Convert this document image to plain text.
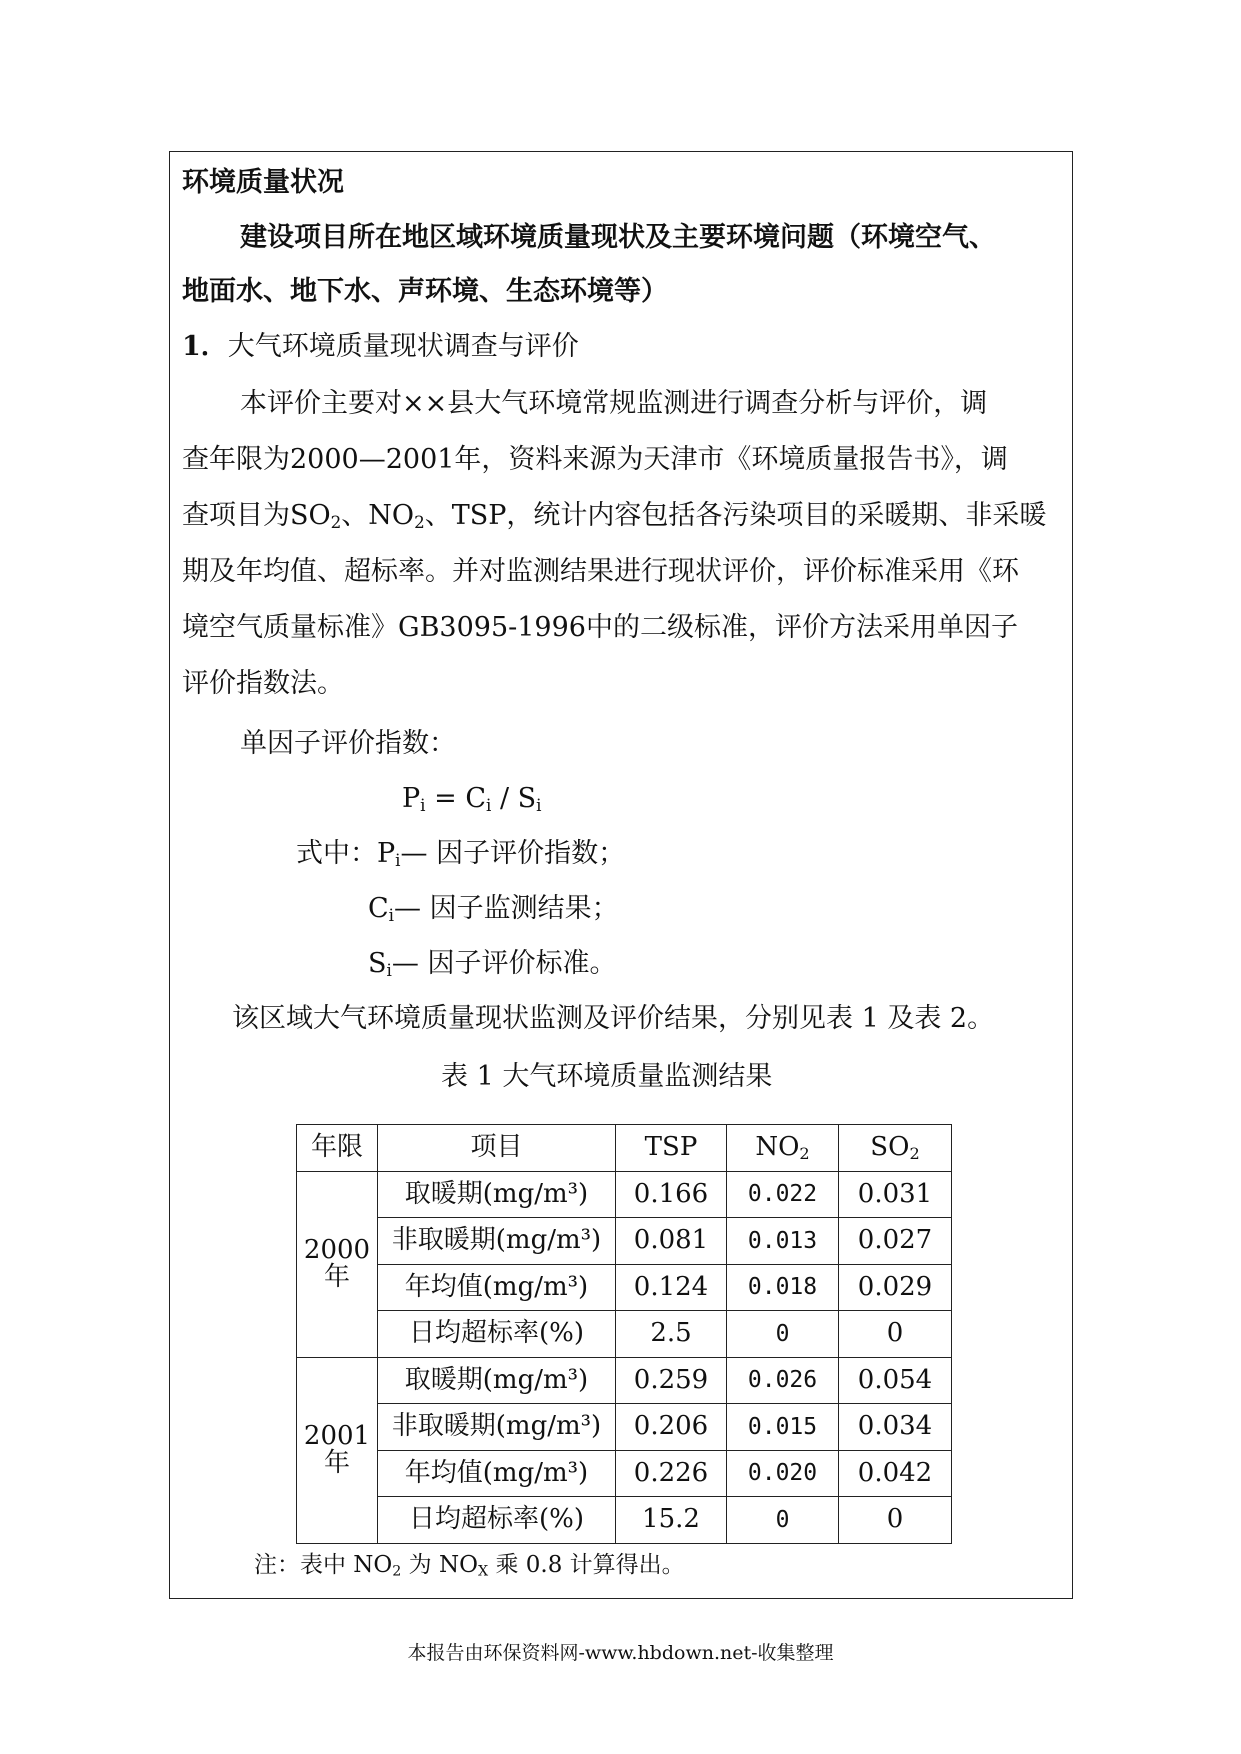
环境质量状况
建设项目所在地区域环境质量现状及主要环境问题（环境空气、
地面水、地下水、声环境、生态环境等）
1．大气环境质量现状调查与评价
本评价主要对××县大气环境常规监测进行调查分析与评价，调
查年限为2000—2001年，资料来源为天津市《环境质量报告书》，调
查项目为$SO_2$、$NO_2$、TSP，统计内容包括各污染项目的采暖期、非采暖
期及年均值、超标率。并对监测结果进行现状评价，评价标准采用《环
境空气质量标准》GB3095-1996中的二级标准，评价方法采用单因子
评价指数法。
单因子评价指数：
$P_i = C_i / S_i$
式中：$P_i—$ 因子评价指数；
$C_i—$ 因子监测结果；
$S_i—$ 因子评价标准。
该区域大气环境质量现状监测及评价结果，分别见表 1 及表 2。
表 1 大气环境质量监测结果
年限	项目	TSP	$NO_2$	$SO_2$
2000
年	取暖期(mg/m³)	0.166	0.022	0.031
	非取暖期(mg/m³)	0.081	0.013	0.027
	年均值(mg/m³)	0.124	0.018	0.029
	日均超标率(%)	2.5	0	0
2001
年	取暖期(mg/m³)	0.259	0.026	0.054
	非取暖期(mg/m³)	0.206	0.015	0.034
	年均值(mg/m³)	0.226	0.020	0.042
	日均超标率(%)	15.2	0	0
注：表中 $NO_2$ 为 $NO_X$ 乘 0.8 计算得出。
本报告由环保资料网-www.hbdown.net-收集整理
